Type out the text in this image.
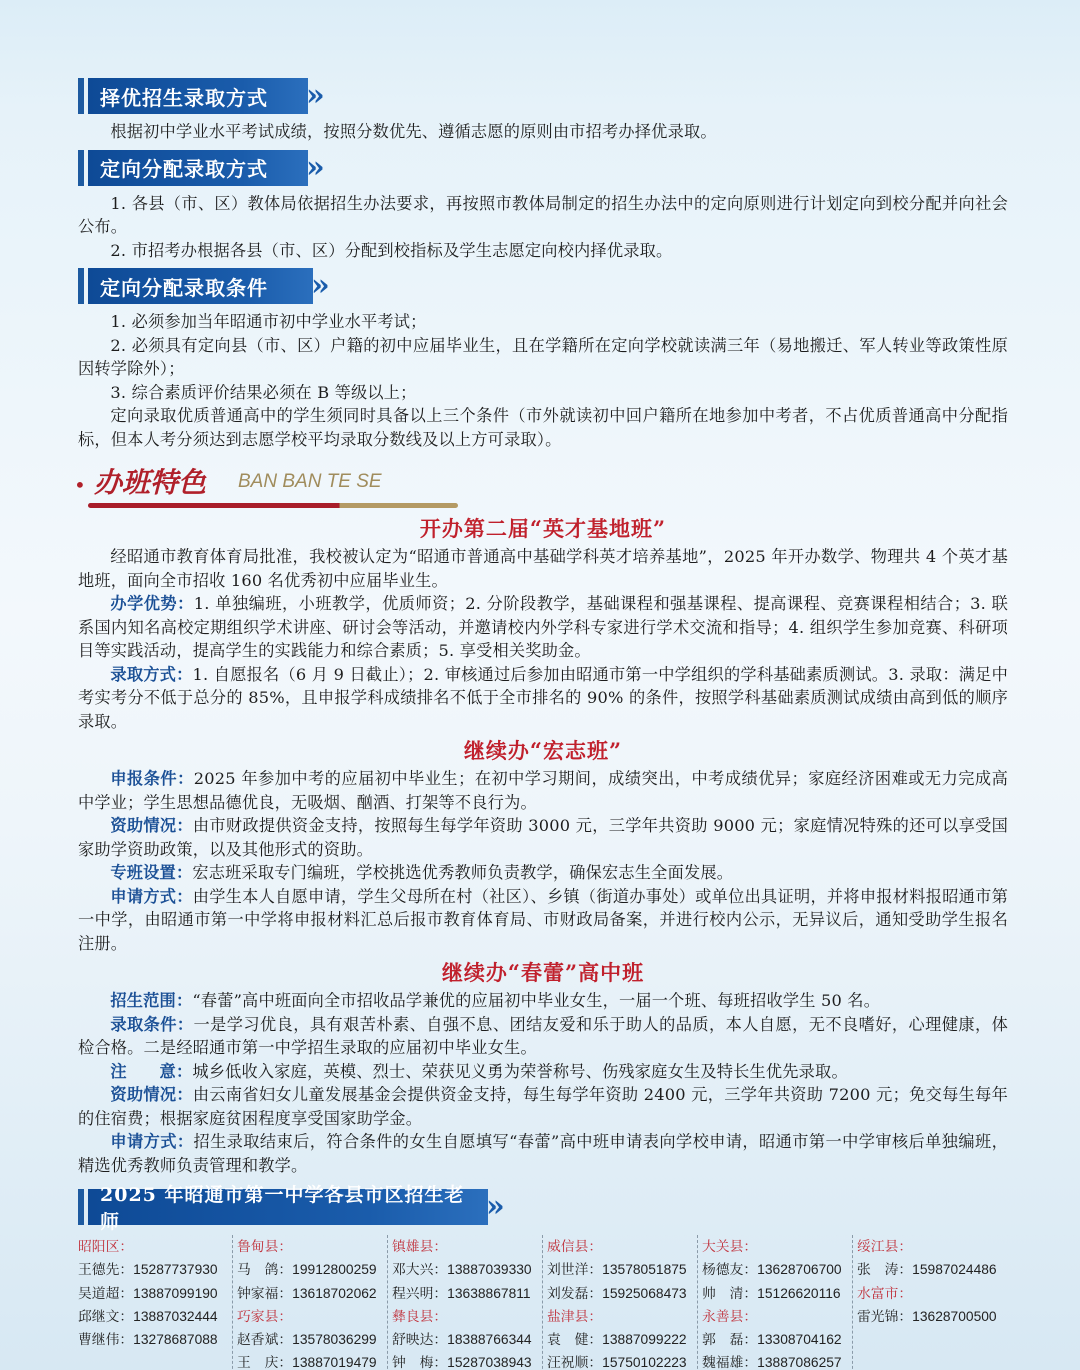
择优招生录取方式	»

根据初中学业水平考试成绩，按照分数优先、遵循志愿的原则由市招考办择优录取。

定向分配录取方式	»

1. 各县（市、区）教体局依据招生办法要求，再按照市教体局制定的招生办法中的定向原则进行计划定向到校分配并向社会公布。

2. 市招考办根据各县（市、区）分配到校指标及学生志愿定向校内择优录取。

定向分配录取条件	»

1. 必须参加当年昭通市初中学业水平考试；

2. 必须具有定向县（市、区）户籍的初中应届毕业生，且在学籍所在定向学校就读满三年（易地搬迁、军人转业等政策性原因转学除外）；

3. 综合素质评价结果必须在 B 等级以上；

定向录取优质普通高中的学生须同时具备以上三个条件（市外就读初中回户籍所在地参加中考者，不占优质普通高中分配指标，但本人考分须达到志愿学校平均录取分数线及以上方可录取）。

• 办班特色 BAN BAN TE SE
开办第二届“英才基地班”

经昭通市教育体育局批准，我校被认定为“昭通市普通高中基础学科英才培养基地”，2025 年开办数学、物理共 4 个英才基地班，面向全市招收 160 名优秀初中应届毕业生。

办学优势：1. 单独编班，小班教学，优质师资；2. 分阶段教学，基础课程和强基课程、提高课程、竞赛课程相结合；3. 联系国内知名高校定期组织学术讲座、研讨会等活动，并邀请校内外学科专家进行学术交流和指导；4. 组织学生参加竞赛、科研项目等实践活动，提高学生的实践能力和综合素质；5. 享受相关奖助金。

录取方式：1. 自愿报名（6 月 9 日截止）；2. 审核通过后参加由昭通市第一中学组织的学科基础素质测试。3. 录取：满足中考实考分不低于总分的 85%，且申报学科成绩排名不低于全市排名的 90% 的条件，按照学科基础素质测试成绩由高到低的顺序录取。

继续办“宏志班”

申报条件：2025 年参加中考的应届初中毕业生；在初中学习期间，成绩突出，中考成绩优异；家庭经济困难或无力完成高中学业；学生思想品德优良，无吸烟、酗酒、打架等不良行为。

资助情况：由市财政提供资金支持，按照每生每学年资助 3000 元，三学年共资助 9000 元；家庭情况特殊的还可以享受国家助学资助政策，以及其他形式的资助。

专班设置：宏志班采取专门编班，学校挑选优秀教师负责教学，确保宏志生全面发展。

申请方式：由学生本人自愿申请，学生父母所在村（社区）、乡镇（街道办事处）或单位出具证明，并将申报材料报昭通市第一中学，由昭通市第一中学将申报材料汇总后报市教育体育局、市财政局备案，并进行校内公示，无异议后，通知受助学生报名注册。

继续办“春蕾”高中班

招生范围：“春蕾”高中班面向全市招收品学兼优的应届初中毕业女生，一届一个班、每班招收学生 50 名。

录取条件：一是学习优良，具有艰苦朴素、自强不息、团结友爱和乐于助人的品质，本人自愿，无不良嗜好，心理健康，体检合格。二是经昭通市第一中学招生录取的应届初中毕业女生。

注　　意：城乡低收入家庭，英模、烈士、荣获见义勇为荣誉称号、伤残家庭女生及特长生优先录取。

资助情况：由云南省妇女儿童发展基金会提供资金支持，每生每学年资助 2400 元，三学年共资助 7200 元；免交每生每年的住宿费；根据家庭贫困程度享受国家助学金。

申请方式：招生录取结束后，符合条件的女生自愿填写“春蕾”高中班申请表向学校申请，昭通市第一中学审核后单独编班，精选优秀教师负责管理和教学。

2025 年昭通市第一中学各县市区招生老师	»
昭阳区：
王德先：15287737930
吴道超：13887099190
邱继文：13887032444
曹继伟：13278687088
鲁甸县：
马　鸽：19912800259
钟家福：13618702062
巧家县：
赵香斌：13578036299
王　庆：13887019479
镇雄县：
邓大兴：13887039330
程兴明：13638867811
彝良县：
舒映达：18388766344
钟　梅：15287038943
威信县：
刘世洋：13578051875
刘发磊：15925068473
盐津县：
袁　健：13887099222
汪祝顺：15750102223
大关县：
杨德友：13628706700
帅　清：15126620116
永善县：
郭　磊：13308704162
魏福雄：13887086257
绥江县：
张　涛：15987024486
水富市：
雷光锦：13628700500
